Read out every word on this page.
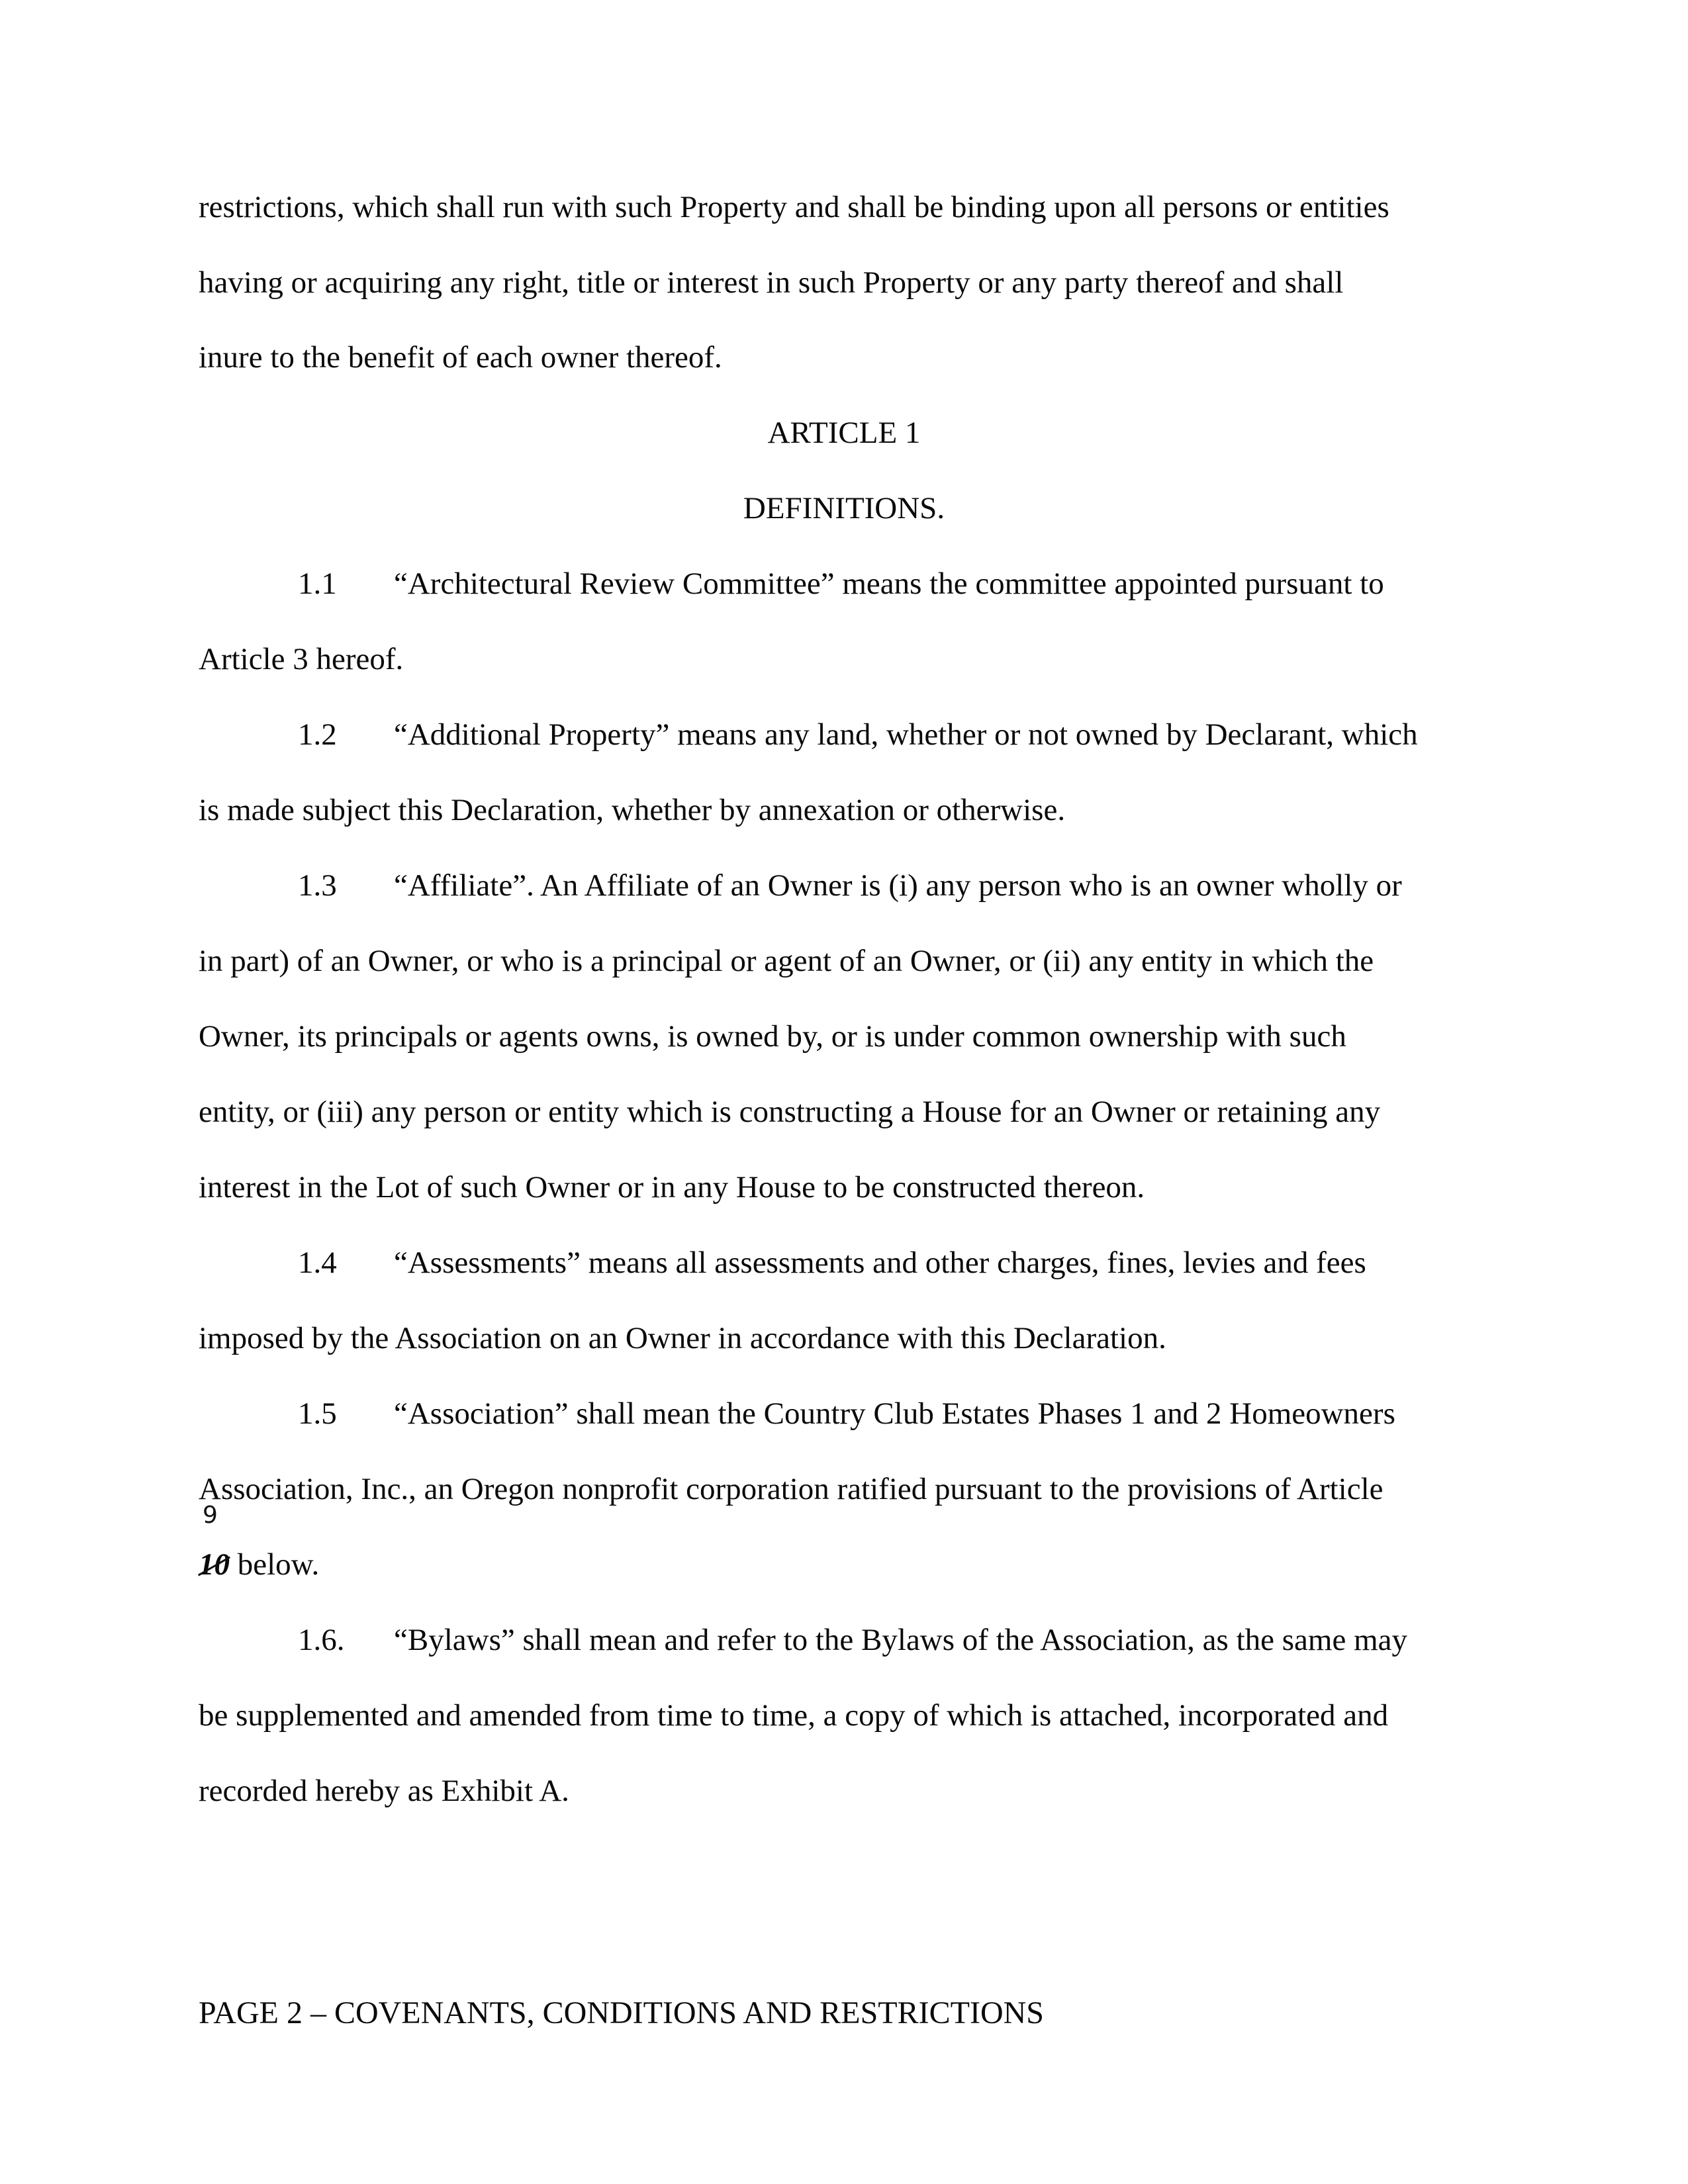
restrictions, which shall run with such Property and shall be binding upon all persons or entities
having or acquiring any right, title or interest in such Property or any party thereof and shall
inure to the benefit of each owner thereof.
ARTICLE 1
DEFINITIONS.
1.1 “Architectural Review Committee” means the committee appointed pursuant to
Article 3 hereof.
1.2 “Additional Property” means any land, whether or not owned by Declarant, which
is made subject this Declaration, whether by annexation or otherwise.
1.3 “Affiliate”. An Affiliate of an Owner is (i) any person who is an owner wholly or
in part) of an Owner, or who is a principal or agent of an Owner, or (ii) any entity in which the
Owner, its principals or agents owns, is owned by, or is under common ownership with such
entity, or (iii) any person or entity which is constructing a House for an Owner or retaining any
interest in the Lot of such Owner or in any House to be constructed thereon.
1.4 “Assessments” means all assessments and other charges, fines, levies and fees
imposed by the Association on an Owner in accordance with this Declaration.
1.5 “Association” shall mean the Country Club Estates Phases 1 and 2 Homeowners
Association, Inc., an Oregon nonprofit corporation ratified pursuant to the provisions of Article
9
10 below.
1.6. “Bylaws” shall mean and refer to the Bylaws of the Association, as the same may
be supplemented and amended from time to time, a copy of which is attached, incorporated and
recorded hereby as Exhibit A.
PAGE 2 – COVENANTS, CONDITIONS AND RESTRICTIONS
